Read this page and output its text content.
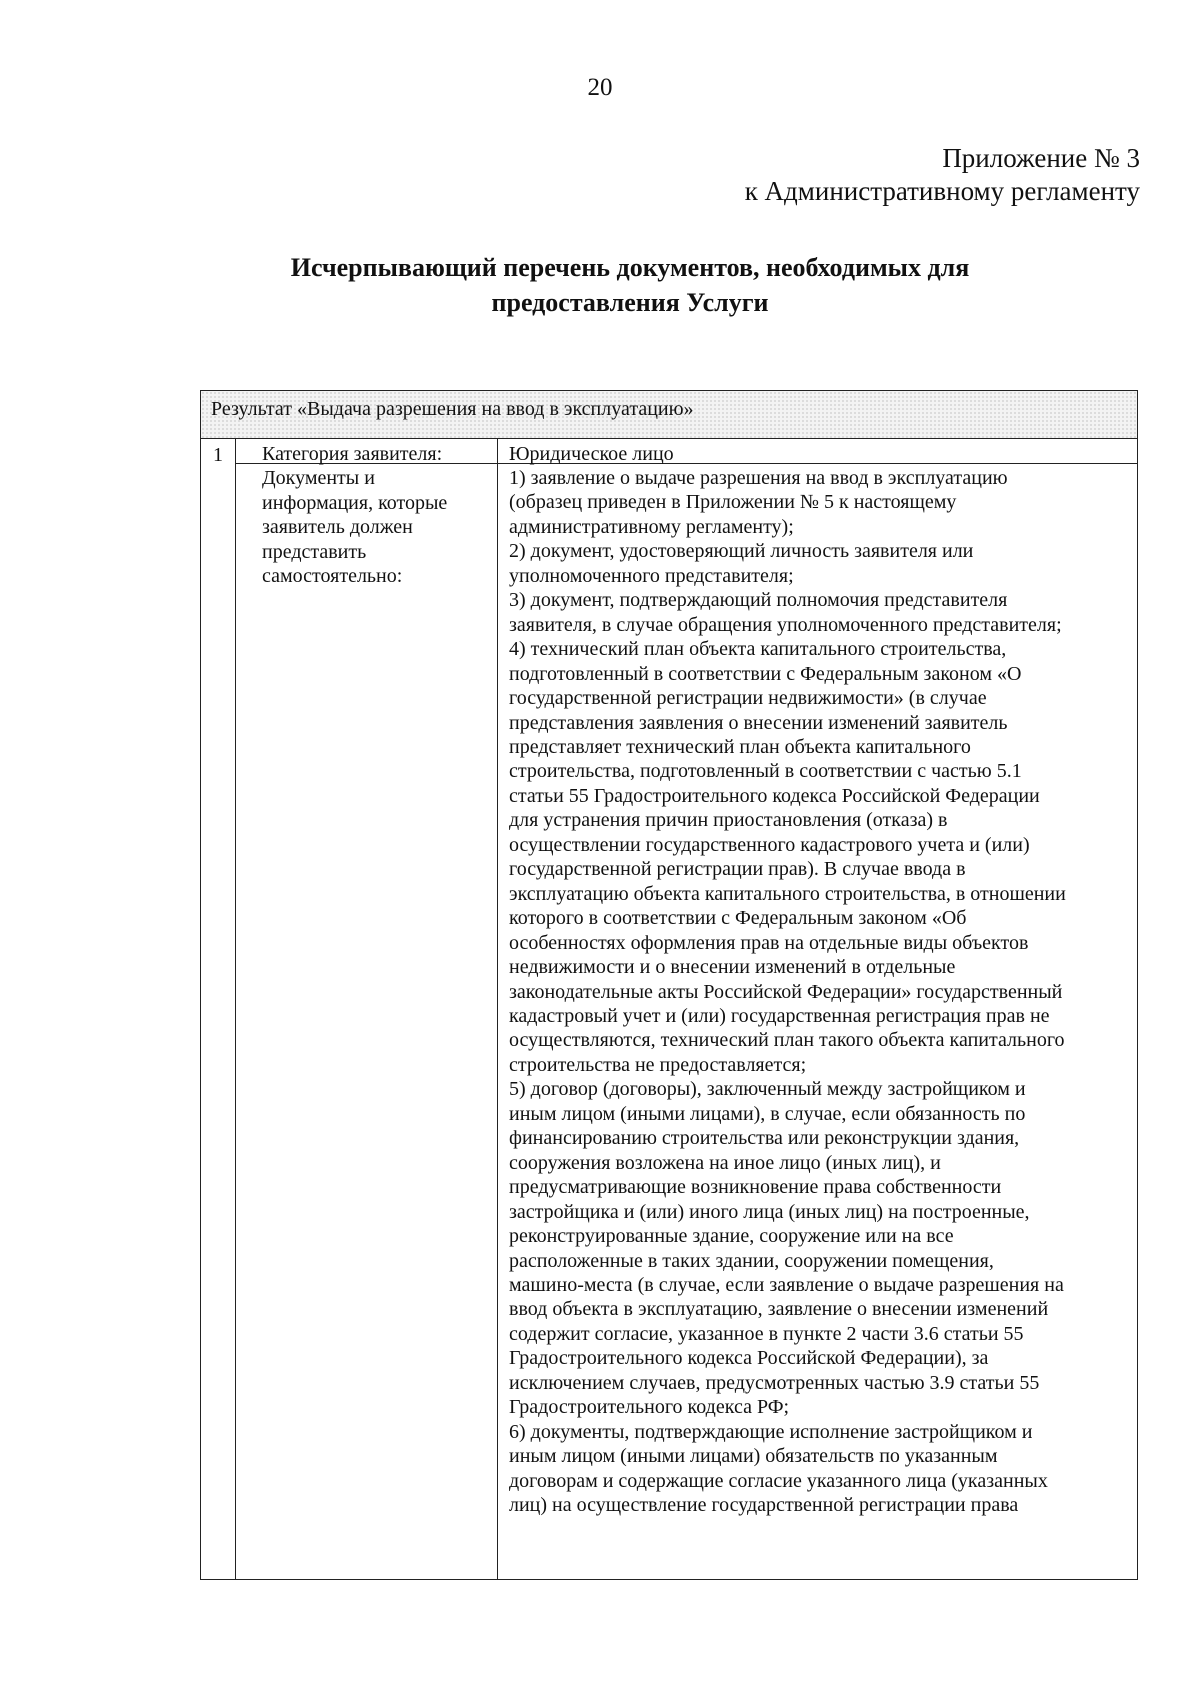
20
Приложение № 3
к Административному регламенту
Исчерпывающий перечень документов, необходимых для
предоставления Услуги
Результат «Выдача разрешения на ввод в эксплуатацию»
1 Категория заявителя:	Юридическое лицо
Документы и
информация, которые
заявитель должен
представить
самостоятельно:
1) заявление о выдаче разрешения на ввод в эксплуатацию
(образец приведен в Приложении № 5 к настоящему
административному регламенту);
2) документ, удостоверяющий личность заявителя или
уполномоченного представителя;
3) документ, подтверждающий полномочия представителя
заявителя, в случае обращения уполномоченного представителя;
4) технический план объекта капитального строительства,
подготовленный в соответствии с Федеральным законом «О
государственной регистрации недвижимости» (в случае
представления заявления о внесении изменений заявитель
представляет технический план объекта капитального
строительства, подготовленный в соответствии с частью 5.1
статьи 55 Градостроительного кодекса Российской Федерации
для устранения причин приостановления (отказа) в
осуществлении государственного кадастрового учета и (или)
государственной регистрации прав). В случае ввода в
эксплуатацию объекта капитального строительства, в отношении
которого в соответствии с Федеральным законом «Об
особенностях оформления прав на отдельные виды объектов
недвижимости и о внесении изменений в отдельные
законодательные акты Российской Федерации» государственный
кадастровый учет и (или) государственная регистрация прав не
осуществляются, технический план такого объекта капитального
строительства не предоставляется;
5) договор (договоры), заключенный между застройщиком и
иным лицом (иными лицами), в случае, если обязанность по
финансированию строительства или реконструкции здания,
сооружения возложена на иное лицо (иных лиц), и
предусматривающие возникновение права собственности
застройщика и (или) иного лица (иных лиц) на построенные,
реконструированные здание, сооружение или на все
расположенные в таких здании, сооружении помещения,
машино-места (в случае, если заявление о выдаче разрешения на
ввод объекта в эксплуатацию, заявление о внесении изменений
содержит согласие, указанное в пункте 2 части 3.6 статьи 55
Градостроительного кодекса Российской Федерации), за
исключением случаев, предусмотренных частью 3.9 статьи 55
Градостроительного кодекса РФ;
6) документы, подтверждающие исполнение застройщиком и
иным лицом (иными лицами) обязательств по указанным
договорам и содержащие согласие указанного лица (указанных
лиц) на осуществление государственной регистрации права
